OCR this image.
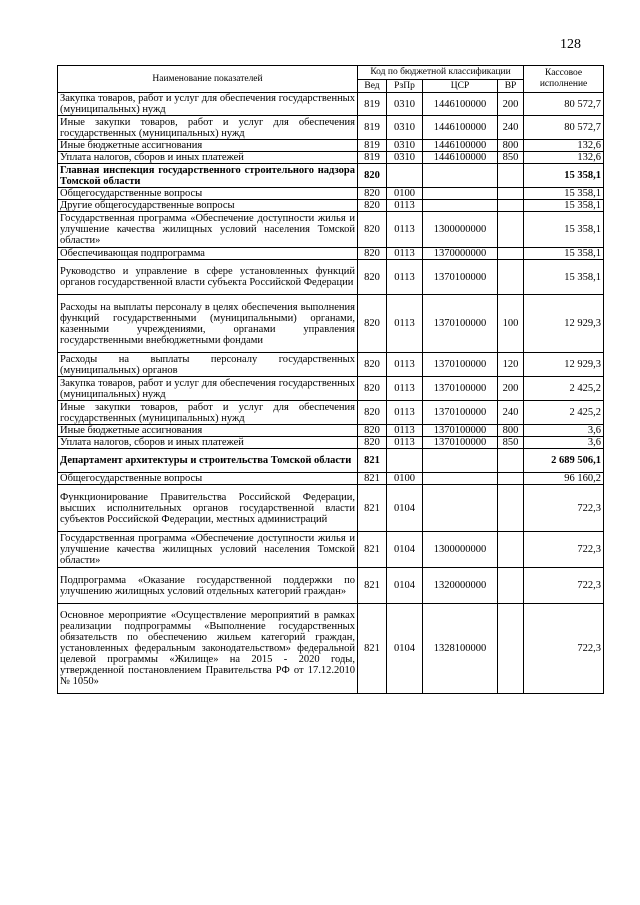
128
Наименование показателей	Код по бюджетной классификации				Кассовое исполнение
	Вед	РзПр	ЦСР	ВР	
Закупка товаров, работ и услуг для обеспечения государственных (муниципальных) нужд	819	0310	1446100000	200	80 572,7
Иные закупки товаров, работ и услуг для обеспечения государственных (муниципальных) нужд	819	0310	1446100000	240	80 572,7
Иные бюджетные ассигнования	819	0310	1446100000	800	132,6
Уплата налогов, сборов и иных платежей	819	0310	1446100000	850	132,6
Главная инспекция государственного строительного надзора Томской области	820				15 358,1
Общегосударственные вопросы	820	0100			15 358,1
Другие общегосударственные вопросы	820	0113			15 358,1
Государственная программа «Обеспечение доступности жилья и улучшение качества жилищных условий населения Томской области»	820	0113	1300000000		15 358,1
Обеспечивающая подпрограмма	820	0113	1370000000		15 358,1
Руководство и управление в сфере установленных функций органов государственной власти субъекта Российской Федерации	820	0113	1370100000		15 358,1
Расходы на выплаты персоналу в целях обеспечения выполнения функций государственными (муниципальными) органами, казенными учреждениями, органами управления государственными внебюджетными фондами	820	0113	1370100000	100	12 929,3
Расходы на выплаты персоналу государственных (муниципальных) органов	820	0113	1370100000	120	12 929,3
Закупка товаров, работ и услуг для обеспечения государственных (муниципальных) нужд	820	0113	1370100000	200	2 425,2
Иные закупки товаров, работ и услуг для обеспечения государственных (муниципальных) нужд	820	0113	1370100000	240	2 425,2
Иные бюджетные ассигнования	820	0113	1370100000	800	3,6
Уплата налогов, сборов и иных платежей	820	0113	1370100000	850	3,6
Департамент архитектуры и строительства Томской области	821				2 689 506,1
Общегосударственные вопросы	821	0100			96 160,2
Функционирование Правительства Российской Федерации, высших исполнительных органов государственной власти субъектов Российской Федерации, местных администраций	821	0104			722,3
Государственная программа «Обеспечение доступности жилья и улучшение качества жилищных условий населения Томской области»	821	0104	1300000000		722,3
Подпрограмма «Оказание государственной поддержки по улучшению жилищных условий отдельных категорий граждан»	821	0104	1320000000		722,3
Основное мероприятие «Осуществление мероприятий в рамках реализации подпрограммы «Выполнение государственных обязательств по обеспечению жильем категорий граждан, установленных федеральным законодательством» федеральной целевой программы «Жилище» на 2015 - 2020 годы, утвержденной постановлением Правительства РФ от 17.12.2010 № 1050»	821	0104	1328100000		722,3
